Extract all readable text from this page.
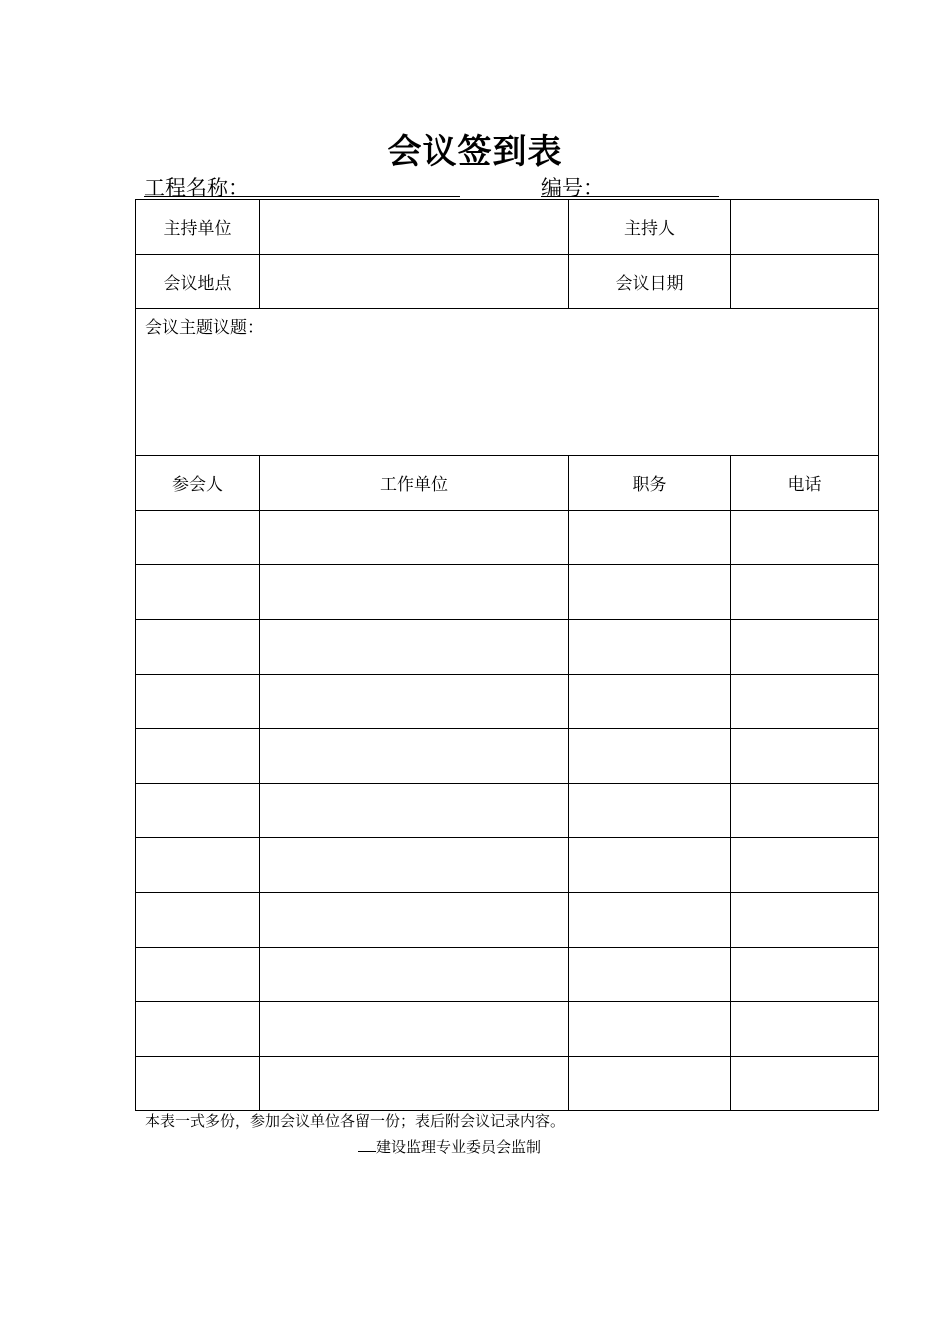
会议签到表
工程名称：	编号：
主持单位		主持人	
会议地点		会议日期	
会议主题议题：			
参会人	工作单位	职务	电话

本表一式多份，参加会议单位各留一份；表后附会议记录内容。
建设监理专业委员会监制
